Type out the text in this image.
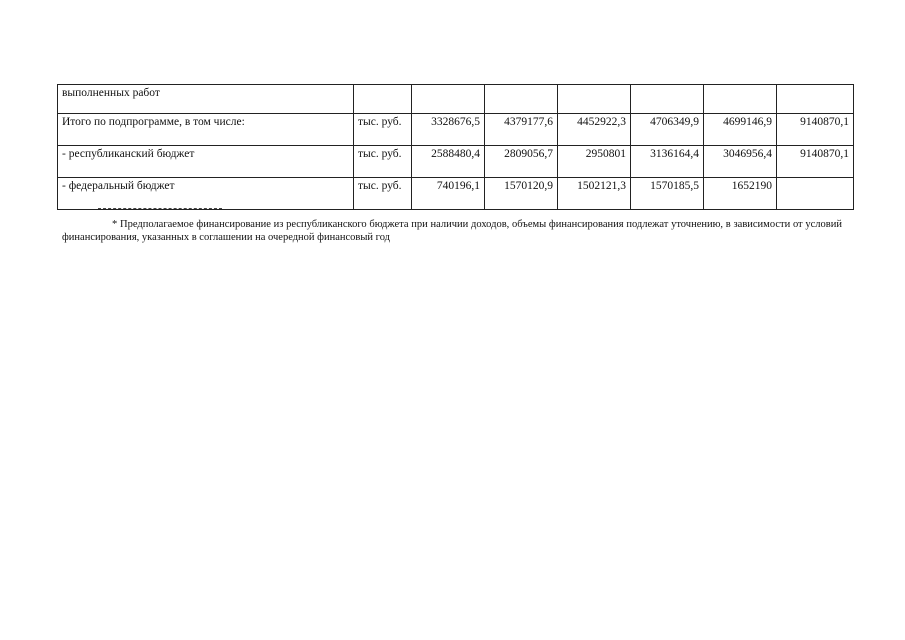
выполненных работ							
Итого по подпрограмме, в том числе:	тыс. руб.	3328676,5	4379177,6	4452922,3	4706349,9	4699146,9	9140870,1
- республиканский бюджет	тыс. руб.	2588480,4	2809056,7	2950801	3136164,4	3046956,4	9140870,1
- федеральный бюджет	тыс. руб.	740196,1	1570120,9	1502121,3	1570185,5	1652190	
* Предполагаемое финансирование из республиканского бюджета при наличии доходов, объемы финансирования подлежат уточнению, в зависимости от условий финансирования, указанных в соглашении на очередной финансовый год
